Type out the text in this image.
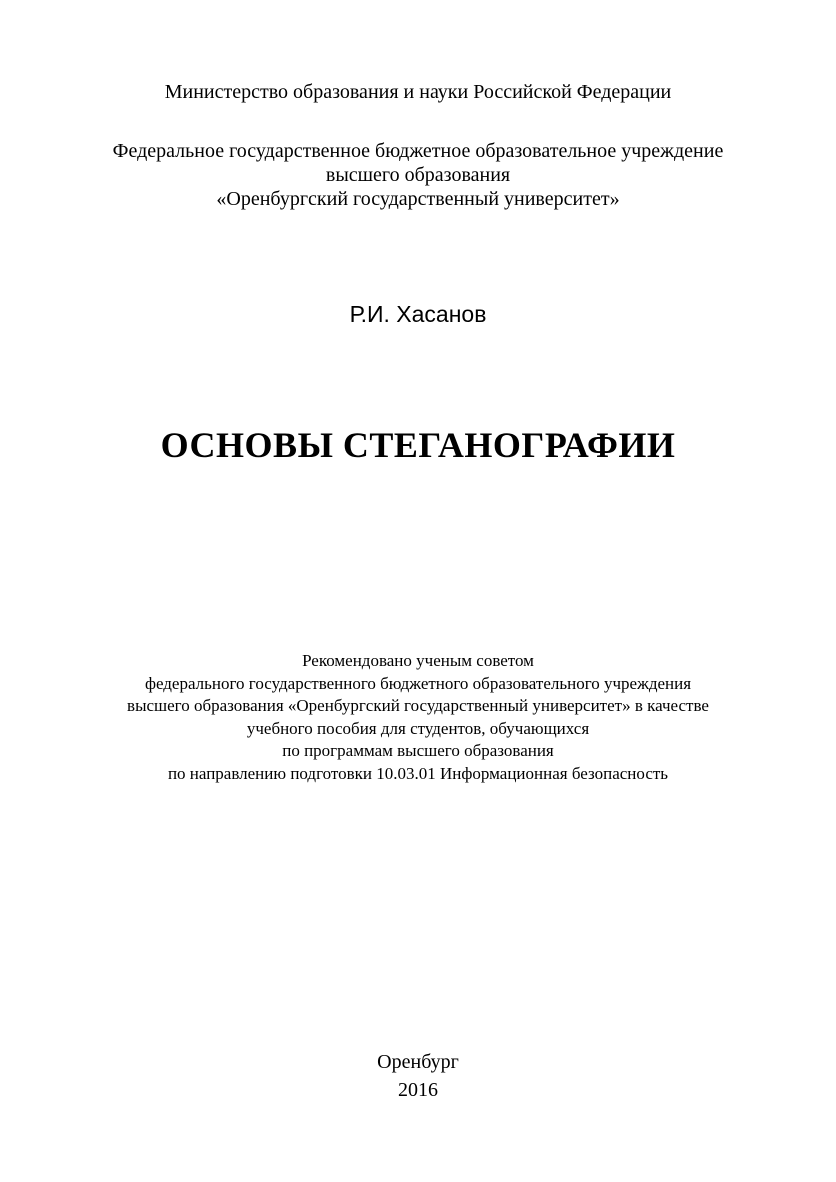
Министерство образования и науки Российской Федерации
Федеральное государственное бюджетное образовательное учреждение
высшего образования
«Оренбургский государственный университет»
Р.И. Хасанов
ОСНОВЫ СТЕГАНОГРАФИИ
Рекомендовано ученым советом
федерального государственного бюджетного образовательного учреждения
высшего образования «Оренбургский государственный университет» в качестве
учебного пособия для студентов, обучающихся
по программам высшего образования
по направлению подготовки 10.03.01 Информационная безопасность
Оренбург
2016
